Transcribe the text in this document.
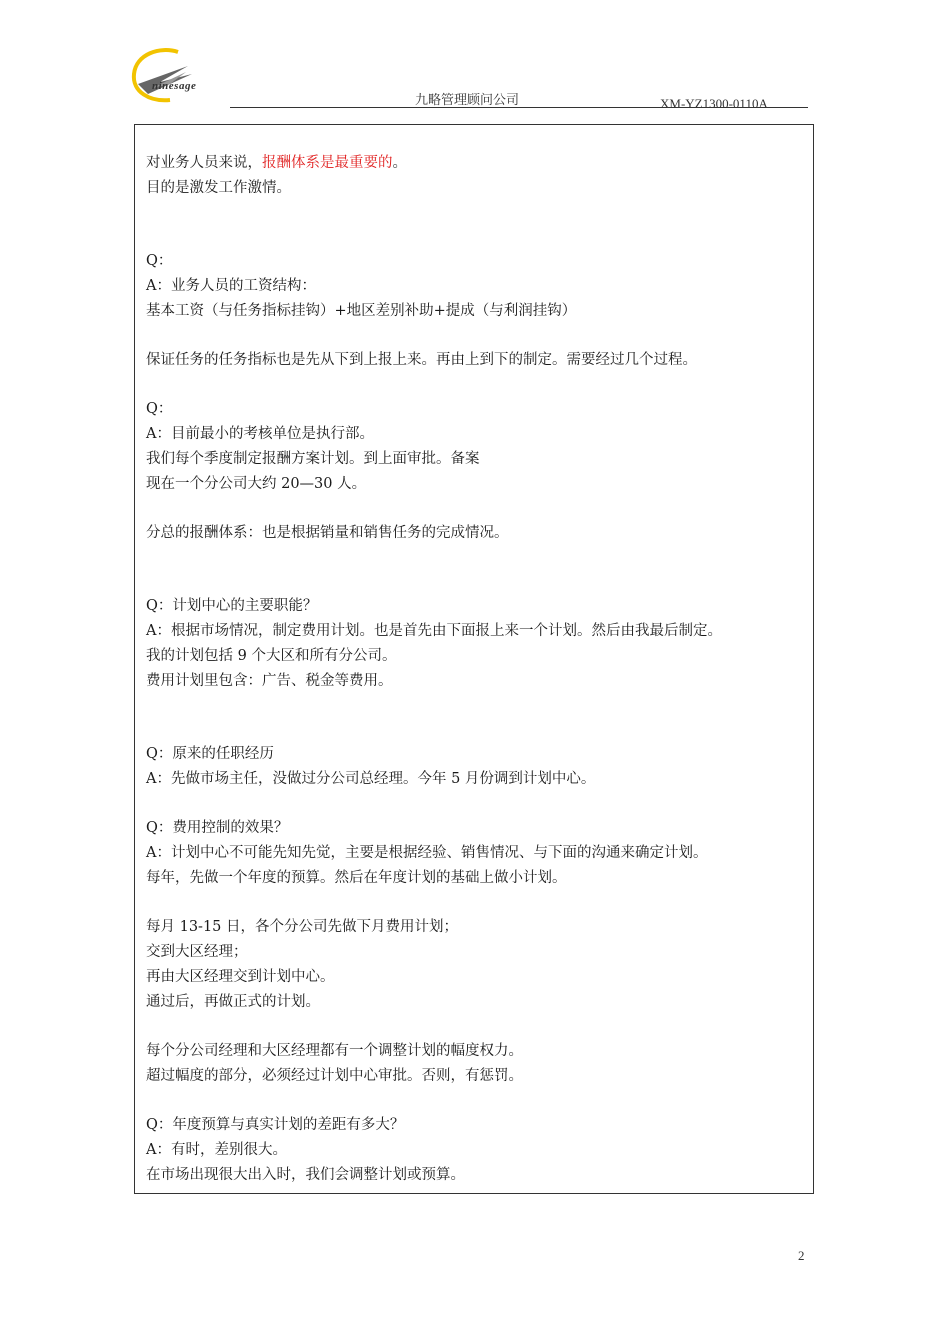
ninesage
九略管理顾问公司	XM-YZ1300-0110A
对业务人员来说，报酬体系是最重要的。
目的是激发工作激情。
Q：
A：业务人员的工资结构：
基本工资（与任务指标挂钩）+地区差别补助+提成（与利润挂钩）
保证任务的任务指标也是先从下到上报上来。再由上到下的制定。需要经过几个过程。
Q：
A：目前最小的考核单位是执行部。
我们每个季度制定报酬方案计划。到上面审批。备案
现在一个分公司大约 20—30 人。
分总的报酬体系：也是根据销量和销售任务的完成情况。
Q：计划中心的主要职能？
A：根据市场情况，制定费用计划。也是首先由下面报上来一个计划。然后由我最后制定。
我的计划包括 9 个大区和所有分公司。
费用计划里包含：广告、税金等费用。
Q：原来的任职经历
A：先做市场主任，没做过分公司总经理。今年 5 月份调到计划中心。
Q：费用控制的效果？
A：计划中心不可能先知先觉，主要是根据经验、销售情况、与下面的沟通来确定计划。
每年，先做一个年度的预算。然后在年度计划的基础上做小计划。
每月 13-15 日，各个分公司先做下月费用计划；
交到大区经理；
再由大区经理交到计划中心。
通过后，再做正式的计划。
每个分公司经理和大区经理都有一个调整计划的幅度权力。
超过幅度的部分，必须经过计划中心审批。否则，有惩罚。
Q：年度预算与真实计划的差距有多大？
A：有时，差别很大。
在市场出现很大出入时，我们会调整计划或预算。
2
